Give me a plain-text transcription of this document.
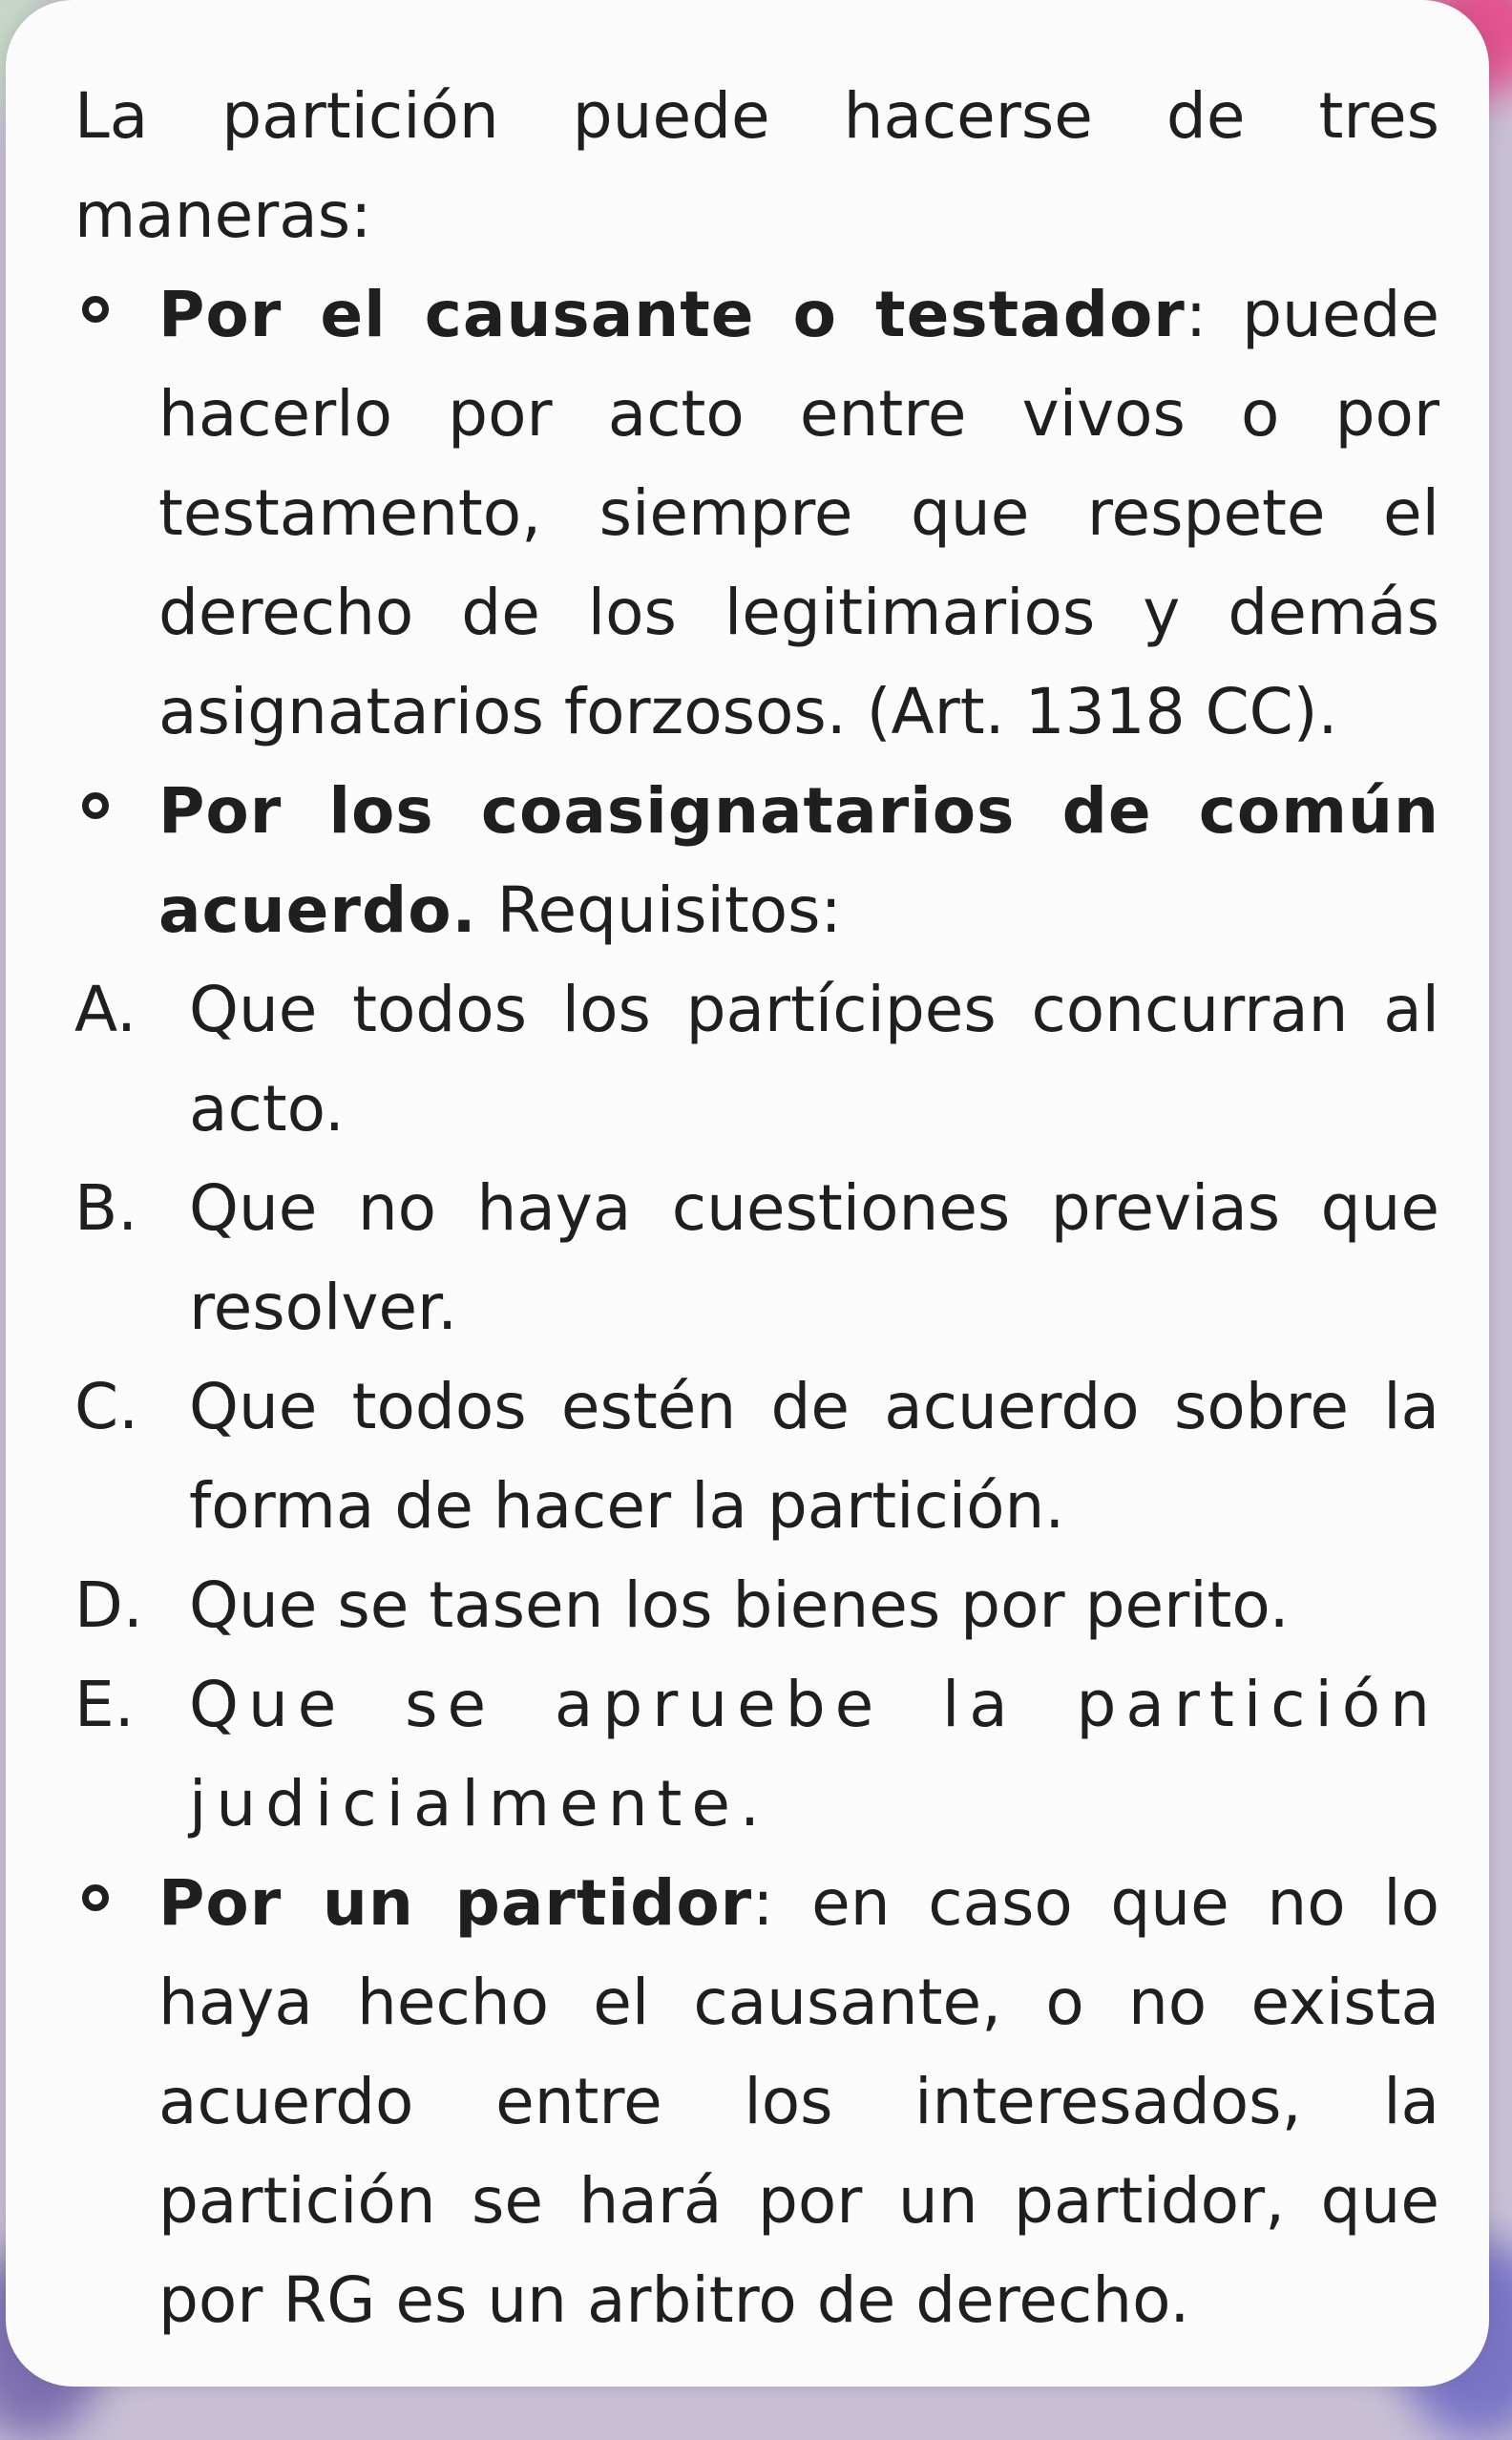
La partición puede hacerse de tres maneras:

Por el causante o testador: puede hacerlo por acto entre vivos o por testamento, siempre que respete el derecho de los legitimarios y demás asignatarios forzosos. (Art. 1318 CC).
Por los coasignatarios de común acuerdo. Requisitos:
A. Que todos los partícipes concurran al acto.
B. Que no haya cuestiones previas que resolver.
C. Que todos estén de acuerdo sobre la forma de hacer la partición.
D. Que se tasen los bienes por perito.
E. Que se apruebe la partición judicialmente.
Por un partidor: en caso que no lo haya hecho el causante, o no exista acuerdo entre los interesados, la partición se hará por un partidor, que por RG es un arbitro de derecho.
